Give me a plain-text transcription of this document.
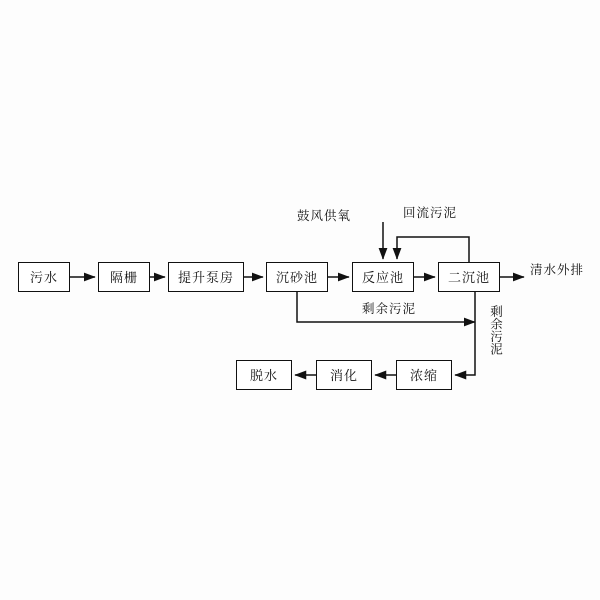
污水	隔栅	提升泵房	沉砂池	反应池	二沉池
脱水	消化	浓缩
鼓风供氧	回流污泥
清水外排
剩余污泥	剩余污泥
